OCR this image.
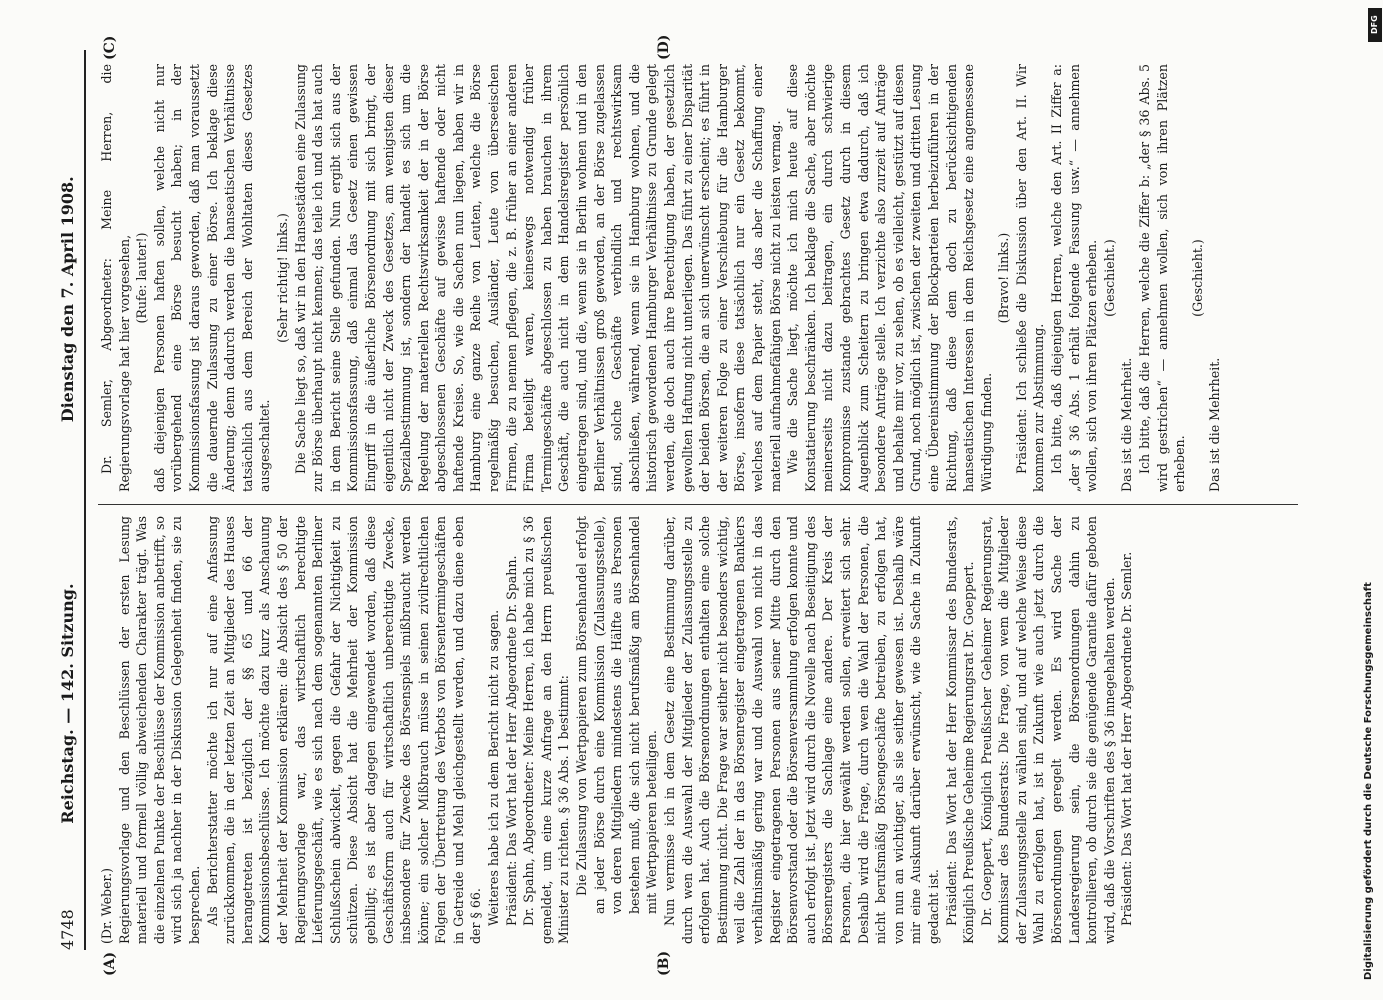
4748
Reichstag. — 142. Sitzung.  Dienstag den 7. April 1908.
(A)	(B)
(C)	(D)

(Dr. Weber.) Regierungsvorlage und den Beschlüssen der ersten Lesung materiell und formell völlig abweichenden Charakter trägt. Was die einzelnen Punkte der Beschlüsse der Kommission anbetrifft, so wird sich ja nachher in der Diskussion Gelegenheit finden, sie zu besprechen. Als Berichterstatter möchte ich nur auf eine Anfassung zurückkommen, die in der letzten Zeit an Mitglieder des Hauses herangetreten ist bezüglich der §§ 65 und 66 der Kommissionsbeschlüsse. Ich möchte dazu kurz als Anschauung der Mehrheit der Kommission erklären: die Absicht des § 50 der Regierungsvorlage war, das wirtschaftlich berechtigte Lieferungsgeschäft, wie es sich nach dem sogenannten Berliner Schlußschein abwickelt, gegen die Gefahr der Nichtigkeit zu schützen. Diese Absicht hat die Mehrheit der Kommission gebilligt; es ist aber dagegen eingewendet worden, daß diese Geschäftsform auch für wirtschaftlich unberechtigte Zwecke, insbesondere für Zwecke des Börsenspiels mißbraucht werden könne; ein solcher Mißbrauch müsse in seinen zivilrechtlichen Folgen der Übertretung des Verbots von Börsentermingeschäften in Getreide und Mehl gleichgestellt werden, und dazu diene eben der § 66. Weiteres habe ich zu dem Bericht nicht zu sagen. Präsident: Das Wort hat der Herr Abgeordnete Dr. Spahn. Dr. Spahn, Abgeordneter: Meine Herren, ich habe mich zu § 36 gemeldet, um eine kurze Anfrage an den Herrn preußischen Minister zu richten. § 36 Abs. 1 bestimmt: Die Zulassung von Wertpapieren zum Börsenhandel erfolgt an jeder Börse durch eine Kommission (Zulassungsstelle), von deren Mitgliedern mindestens die Hälfte aus Personen bestehen muß, die sich nicht berufsmäßig am Börsenhandel mit Wertpapieren beteiligen. Nun vermisse ich in dem Gesetz eine Bestimmung darüber, durch wen die Auswahl der Mitglieder der Zulassungsstelle zu erfolgen hat. Auch die Börsenordnungen enthalten eine solche Bestimmung nicht. Die Frage war seither nicht besonders wichtig, weil die Zahl der in das Börsenregister eingetragenen Bankiers verhältnismäßig gering war und die Auswahl von nicht in das Register eingetragenen Personen aus seiner Mitte durch den Börsenvorstand oder die Börsenversammlung erfolgen konnte und auch erfolgt ist. Jetzt wird durch die Novelle nach Beseitigung des Börsenregisters die Sachlage eine andere. Der Kreis der Personen, die hier gewählt werden sollen, erweitert sich sehr. Deshalb wird die Frage, durch wen die Wahl der Personen, die nicht berufsmäßig Börsengeschäfte betreiben, zu erfolgen hat, von nun an wichtiger, als sie seither gewesen ist. Deshalb wäre mir eine Auskunft darüber erwünscht, wie die Sache in Zukunft gedacht ist. Präsident: Das Wort hat der Herr Kommissar des Bundesrats, Königlich Preußische Geheime Regierungsrat Dr. Goeppert. Dr. Goeppert, Königlich Preußischer Geheimer Regierungsrat, Kommissar des Bundesrats: Die Frage, von wem die Mitglieder der Zulassungsstelle zu wählen sind, und auf welche Weise diese Wahl zu erfolgen hat, ist in Zukunft wie auch jetzt durch die Börsenordnungen geregelt werden. Es wird Sache der Landesregierung sein, die Börsenordnungen dahin zu kontrollieren, ob durch sie die genügende Garantie dafür geboten wird, daß die Vorschriften des § 36 innegehalten werden. Präsident: Das Wort hat der Herr Abgeordnete Dr. Semler.

Dr. Semler, Abgeordneter: Meine Herren, die Regierungsvorlage hat hier vorgesehen, (Rufe: lauter!) daß diejenigen Personen haften sollen, welche nicht nur vorübergehend eine Börse besucht haben; in der Kommissionsfassung ist daraus geworden, daß man voraussetzt die dauernde Zulassung zu einer Börse. Ich beklage diese Änderung; denn dadurch werden die hanseatischen Verhältnisse tatsächlich aus dem Bereich der Wohltaten dieses Gesetzes ausgeschaltet.

(Sehr richtig! links.) Die Sache liegt so, daß wir in den Hansestädten eine Zulassung zur Börse überhaupt nicht kennen; das teile ich und das hat auch in dem Bericht seine Stelle gefunden. Nun ergibt sich aus der Kommissionsfassung, daß einmal das Gesetz einen gewissen Eingriff in die äußerliche Börsenordnung mit sich bringt, der eigentlich nicht der Zweck des Gesetzes, am wenigsten dieser Spezialbestimmung ist, sondern der handelt es sich um die Regelung der materiellen Rechtswirksamkeit der in der Börse abgeschlossenen Geschäfte auf gewisse haftende oder nicht haftende Kreise. So, wie die Sachen nun liegen, haben wir in Hamburg eine ganze Reihe von Leuten, welche die Börse regelmäßig besuchen, Ausländer, Leute von überseeischen Firmen, die zu nennen pflegen, die z. B. früher an einer anderen Firma beteiligt waren, keineswegs notwendig früher Termingeschäfte abgeschlossen zu haben brauchen in ihrem Geschäft, die auch nicht in dem Handelsregister persönlich eingetragen sind, und die, wenn sie in Berlin wohnen und in den Berliner Verhältnissen groß geworden, an der Börse zugelassen sind, solche Geschäfte verbindlich und rechtswirksam abschließen, während, wenn sie in Hamburg wohnen, und die historisch gewordenen Hamburger Verhältnisse zu Grunde gelegt werden, die doch auch ihre Berechtigung haben, der gesetzlich gewollten Haftung nicht unterliegen. Das führt zu einer Disparität der beiden Börsen, die an sich unerwünscht erscheint; es führt in der weiteren Folge zu einer Verschiebung für die Hamburger Börse, insofern diese tatsächlich nur ein Gesetz bekommt, welches auf dem Papier steht, das aber die Schaffung einer materiell aufnahmefähigen Börse nicht zu leisten vermag. Wie die Sache liegt, möchte ich mich heute auf diese Konstatierung beschränken. Ich beklage die Sache, aber möchte meinerseits nicht dazu beitragen, ein durch schwierige Kompromisse zustande gebrachtes Gesetz durch in diesem Augenblick zum Scheitern zu bringen etwa dadurch, daß ich besondere Anträge stelle. Ich verzichte also zurzeit auf Anträge und behalte mir vor, zu sehen, ob es vielleicht, gestützt auf diesen Grund, noch möglich ist, zwischen der zweiten und dritten Lesung eine Übereinstimmung der Blockparteien herbeizuführen in der Richtung, daß diese dem doch zu berücksichtigenden hanseatischen Interessen in dem Reichsgesetz eine angemessene Würdigung finden.

(Bravo! links.) Präsident: Ich schließe die Diskussion über den Art. II. Wir kommen zur Abstimmung. Ich bitte, daß diejenigen Herren, welche den Art. II Ziffer a: „der § 36 Abs. 1 erhält folgende Fassung usw.“ — annehmen wollen, sich von ihren Plätzen erheben. (Geschieht.)

Das ist die Mehrheit. Ich bitte, daß die Herren, welche die Ziffer b: „der § 36 Abs. 5 wird gestrichen“ — annehmen wollen, sich von ihren Plätzen erheben.

(Geschieht.)

Das ist die Mehrheit.

Digitalisierung gefördert durch die Deutsche Forschungsgemeinschaft
DFG
